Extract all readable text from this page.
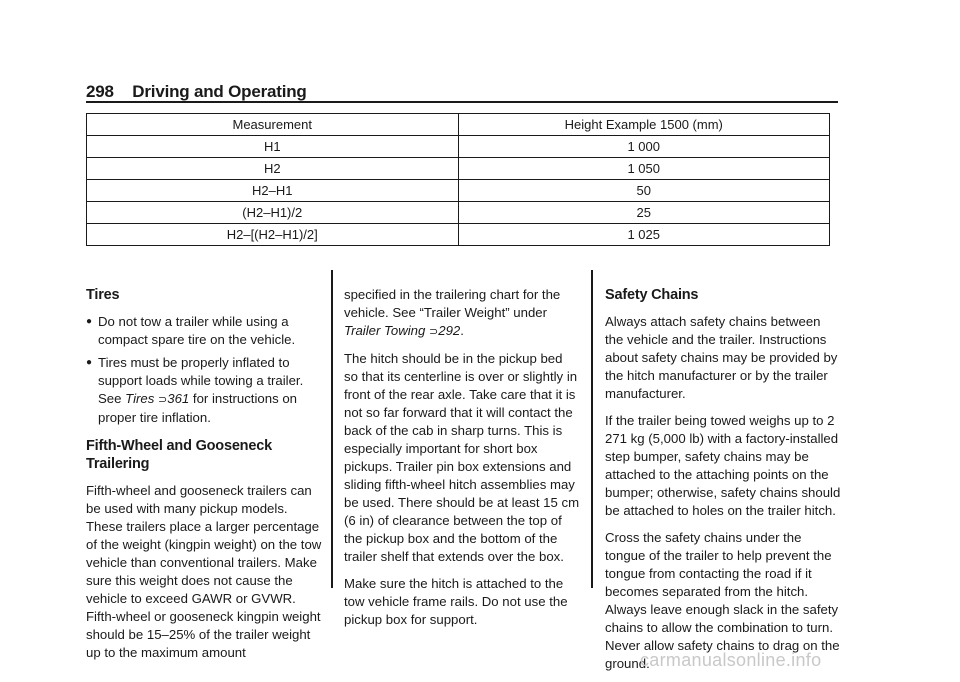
298 Driving and Operating
Measurement	Height Example 1500 (mm)
H1	1 000
H2	1 050
H2–H1	50
(H2–H1)/2	25
H2–[(H2–H1)/2]	1 025
Tires
● Do not tow a trailer while using a compact spare tire on the vehicle.
● Tires must be properly inflated to support loads while towing a trailer. See Tires ⊃361 for instructions on proper tire inflation.
Fifth-Wheel and Gooseneck Trailering

Fifth-wheel and gooseneck trailers can be used with many pickup models. These trailers place a larger percentage of the weight (kingpin weight) on the tow vehicle than conventional trailers. Make sure this weight does not cause the vehicle to exceed GAWR or GVWR. Fifth-wheel or gooseneck kingpin weight should be 15–25% of the trailer weight up to the maximum amount

specified in the trailering chart for the vehicle. See “Trailer Weight” under Trailer Towing ⊃292.

The hitch should be in the pickup bed so that its centerline is over or slightly in front of the rear axle. Take care that it is not so far forward that it will contact the back of the cab in sharp turns. This is especially important for short box pickups. Trailer pin box extensions and sliding fifth-wheel hitch assemblies may be used. There should be at least 15 cm (6 in) of clearance between the top of the pickup box and the bottom of the trailer shelf that extends over the box.

Make sure the hitch is attached to the tow vehicle frame rails. Do not use the pickup box for support.

Safety Chains

Always attach safety chains between the vehicle and the trailer. Instructions about safety chains may be provided by the hitch manufacturer or by the trailer manufacturer.

If the trailer being towed weighs up to 2 271 kg (5,000 lb) with a factory-installed step bumper, safety chains may be attached to the attaching points on the bumper; otherwise, safety chains should be attached to holes on the trailer hitch.

Cross the safety chains under the tongue of the trailer to help prevent the tongue from contacting the road if it becomes separated from the hitch. Always leave enough slack in the safety chains to allow the combination to turn. Never allow safety chains to drag on the ground.

carmanualsonline.info
